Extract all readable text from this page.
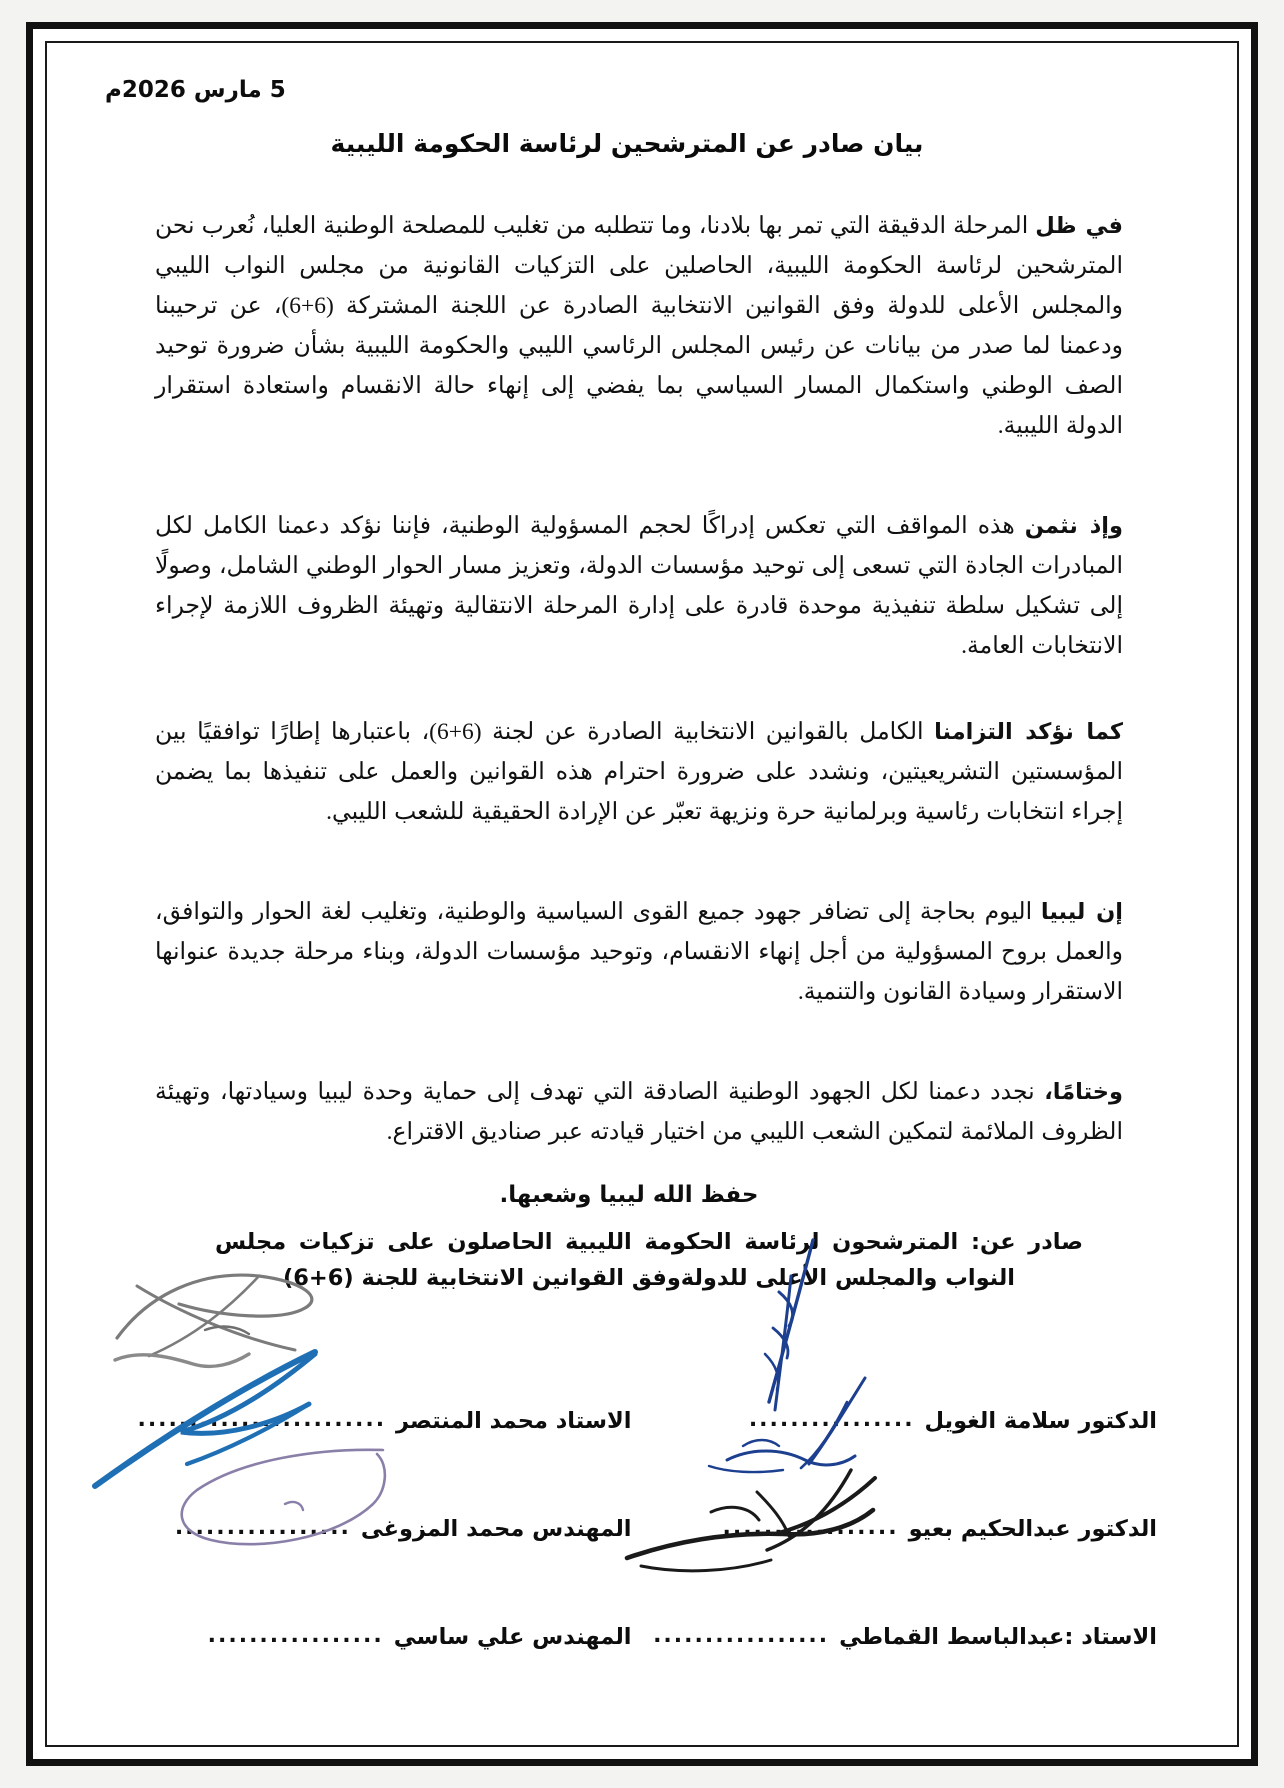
5 مارس 2026م
بيان صادر عن المترشحين لرئاسة الحكومة الليبية

في ظل المرحلة الدقيقة التي تمر بها بلادنا، وما تتطلبه من تغليب للمصلحة الوطنية العليا، نُعرب نحن المترشحين لرئاسة الحكومة الليبية، الحاصلين على التزكيات القانونية من مجلس النواب الليبي والمجلس الأعلى للدولة وفق القوانين الانتخابية الصادرة عن اللجنة المشتركة (6+6)، عن ترحيبنا ودعمنا لما صدر من بيانات عن رئيس المجلس الرئاسي الليبي والحكومة الليبية بشأن ضرورة توحيد الصف الوطني واستكمال المسار السياسي بما يفضي إلى إنهاء حالة الانقسام واستعادة استقرار الدولة الليبية.

وإذ نثمن هذه المواقف التي تعكس إدراكًا لحجم المسؤولية الوطنية، فإننا نؤكد دعمنا الكامل لكل المبادرات الجادة التي تسعى إلى توحيد مؤسسات الدولة، وتعزيز مسار الحوار الوطني الشامل، وصولًا إلى تشكيل سلطة تنفيذية موحدة قادرة على إدارة المرحلة الانتقالية وتهيئة الظروف اللازمة لإجراء الانتخابات العامة.

كما نؤكد التزامنا الكامل بالقوانين الانتخابية الصادرة عن لجنة (6+6)، باعتبارها إطارًا توافقيًا بين المؤسستين التشريعيتين، ونشدد على ضرورة احترام هذه القوانين والعمل على تنفيذها بما يضمن إجراء انتخابات رئاسية وبرلمانية حرة ونزيهة تعبّر عن الإرادة الحقيقية للشعب الليبي.

إن ليبيا اليوم بحاجة إلى تضافر جهود جميع القوى السياسية والوطنية، وتغليب لغة الحوار والتوافق، والعمل بروح المسؤولية من أجل إنهاء الانقسام، وتوحيد مؤسسات الدولة، وبناء مرحلة جديدة عنوانها الاستقرار وسيادة القانون والتنمية.

وختامًا، نجدد دعمنا لكل الجهود الوطنية الصادقة التي تهدف إلى حماية وحدة ليبيا وسيادتها، وتهيئة الظروف الملائمة لتمكين الشعب الليبي من اختيار قيادته عبر صناديق الاقتراع.

حفظ الله ليبيا وشعبها.
صادر عن: المترشحون لرئاسة الحكومة الليبية الحاصلون على تزكيات مجلس النواب والمجلس الأعلى للدولةوفق القوانين الانتخابية للجنة (6+6)
الدكتور سلامة الغويل
................
الاستاد محمد المنتصر
........................
الدكتور عبدالحكيم بعيو
.................
المهندس محمد المزوغى
.................
الاستاد :عبدالباسط القماطي
.................
المهندس علي ساسي
.................
